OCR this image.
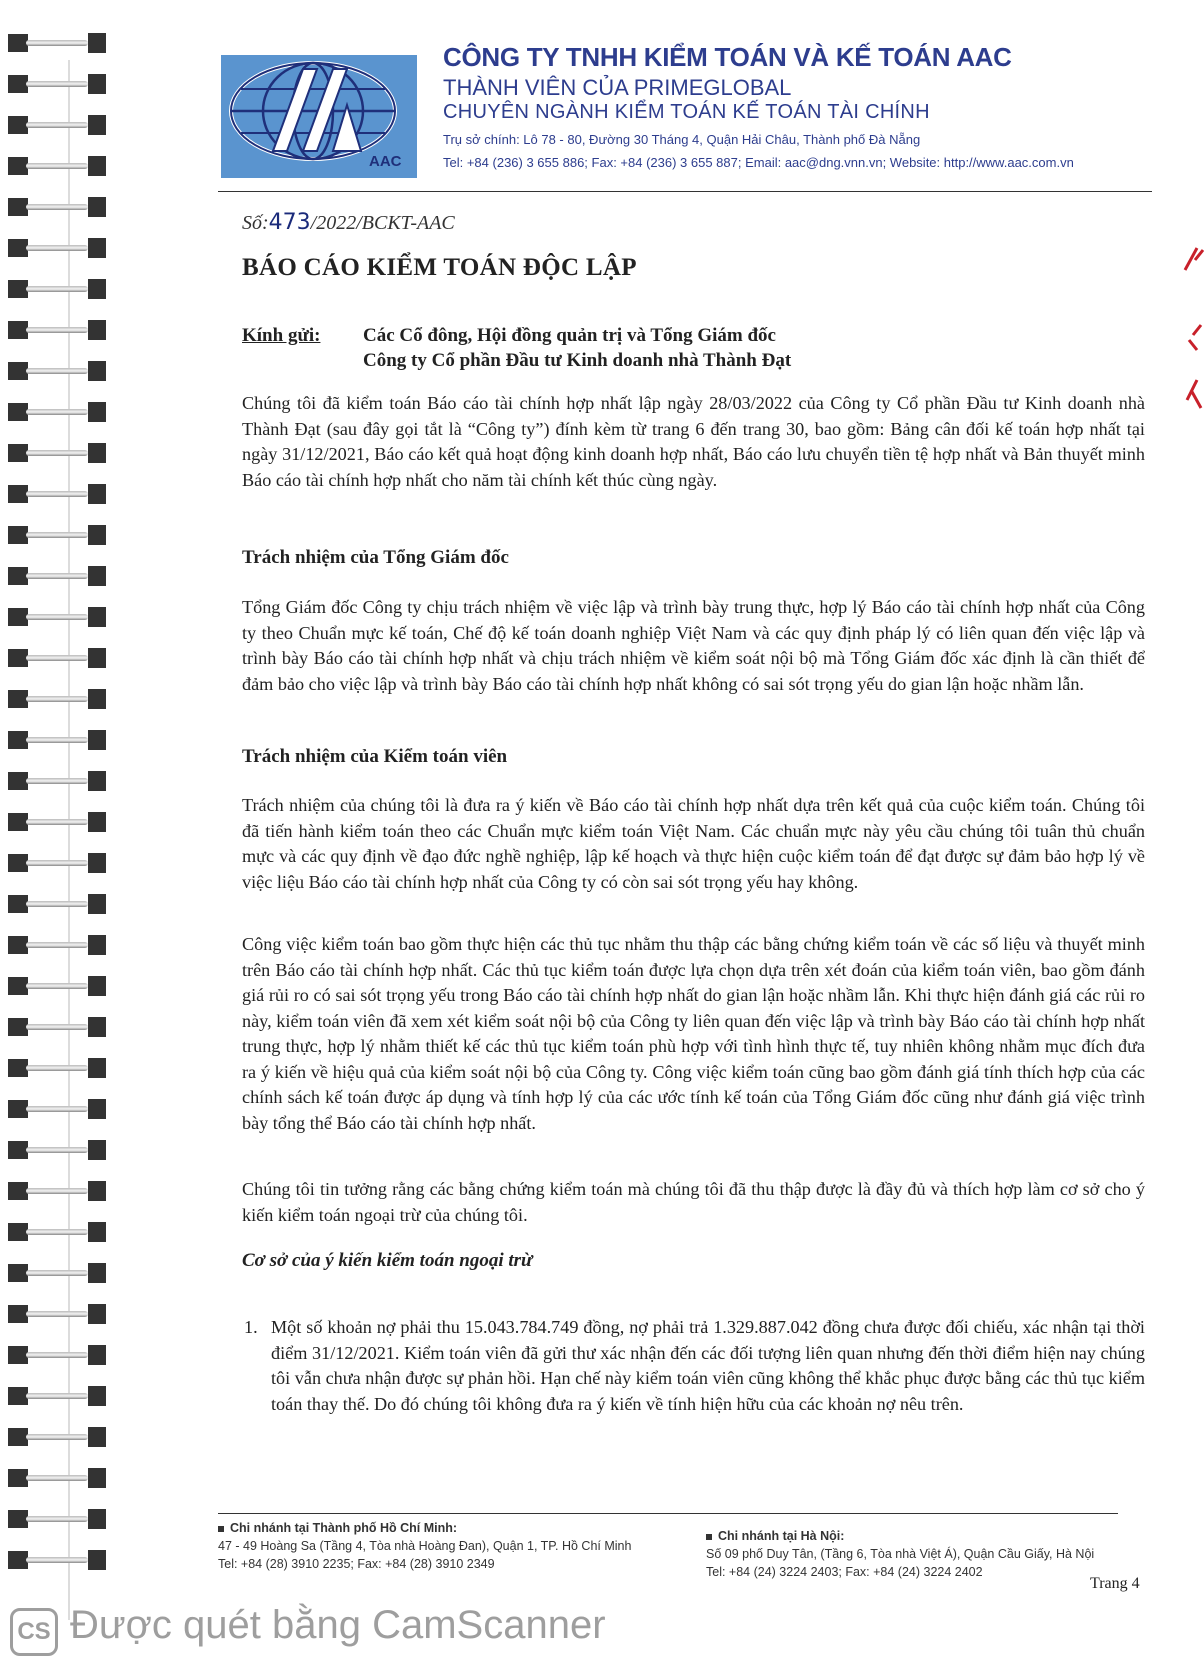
AAC
CÔNG TY TNHH KIỂM TOÁN VÀ KẾ TOÁN AAC
THÀNH VIÊN CỦA PRIMEGLOBAL
CHUYÊN NGÀNH KIỂM TOÁN KẾ TOÁN TÀI CHÍNH
Trụ sở chính: Lô 78 - 80, Đường 30 Tháng 4, Quận Hải Châu, Thành phố Đà Nẵng
Tel: +84 (236) 3 655 886; Fax: +84 (236) 3 655 887; Email: aac@dng.vnn.vn; Website: http://www.aac.com.vn
Số:473/2022/BCKT-AAC
BÁO CÁO KIỂM TOÁN ĐỘC LẬP
Kính gửi: Các Cổ đông, Hội đồng quản trị và Tổng Giám đốc
Công ty Cổ phần Đầu tư Kinh doanh nhà Thành Đạt

Chúng tôi đã kiểm toán Báo cáo tài chính hợp nhất lập ngày 28/03/2022 của Công ty Cổ phần Đầu tư Kinh doanh nhà Thành Đạt (sau đây gọi tắt là “Công ty”) đính kèm từ trang 6 đến trang 30, bao gồm: Bảng cân đối kế toán hợp nhất tại ngày 31/12/2021, Báo cáo kết quả hoạt động kinh doanh hợp nhất, Báo cáo lưu chuyển tiền tệ hợp nhất và Bản thuyết minh Báo cáo tài chính hợp nhất cho năm tài chính kết thúc cùng ngày.

Trách nhiệm của Tổng Giám đốc

Tổng Giám đốc Công ty chịu trách nhiệm về việc lập và trình bày trung thực, hợp lý Báo cáo tài chính hợp nhất của Công ty theo Chuẩn mực kế toán, Chế độ kế toán doanh nghiệp Việt Nam và các quy định pháp lý có liên quan đến việc lập và trình bày Báo cáo tài chính hợp nhất và chịu trách nhiệm về kiểm soát nội bộ mà Tổng Giám đốc xác định là cần thiết để đảm bảo cho việc lập và trình bày Báo cáo tài chính hợp nhất không có sai sót trọng yếu do gian lận hoặc nhầm lẫn.

Trách nhiệm của Kiểm toán viên

Trách nhiệm của chúng tôi là đưa ra ý kiến về Báo cáo tài chính hợp nhất dựa trên kết quả của cuộc kiểm toán. Chúng tôi đã tiến hành kiểm toán theo các Chuẩn mực kiểm toán Việt Nam. Các chuẩn mực này yêu cầu chúng tôi tuân thủ chuẩn mực và các quy định về đạo đức nghề nghiệp, lập kế hoạch và thực hiện cuộc kiểm toán để đạt được sự đảm bảo hợp lý về việc liệu Báo cáo tài chính hợp nhất của Công ty có còn sai sót trọng yếu hay không.

Công việc kiểm toán bao gồm thực hiện các thủ tục nhằm thu thập các bằng chứng kiểm toán về các số liệu và thuyết minh trên Báo cáo tài chính hợp nhất. Các thủ tục kiểm toán được lựa chọn dựa trên xét đoán của kiểm toán viên, bao gồm đánh giá rủi ro có sai sót trọng yếu trong Báo cáo tài chính hợp nhất do gian lận hoặc nhầm lẫn. Khi thực hiện đánh giá các rủi ro này, kiểm toán viên đã xem xét kiểm soát nội bộ của Công ty liên quan đến việc lập và trình bày Báo cáo tài chính hợp nhất trung thực, hợp lý nhằm thiết kế các thủ tục kiểm toán phù hợp với tình hình thực tế, tuy nhiên không nhằm mục đích đưa ra ý kiến về hiệu quả của kiểm soát nội bộ của Công ty. Công việc kiểm toán cũng bao gồm đánh giá tính thích hợp của các chính sách kế toán được áp dụng và tính hợp lý của các ước tính kế toán của Tổng Giám đốc cũng như đánh giá việc trình bày tổng thể Báo cáo tài chính hợp nhất.

Chúng tôi tin tưởng rằng các bằng chứng kiểm toán mà chúng tôi đã thu thập được là đầy đủ và thích hợp làm cơ sở cho ý kiến kiểm toán ngoại trừ của chúng tôi.

Cơ sở của ý kiến kiểm toán ngoại trừ
1. Một số khoản nợ phải thu 15.043.784.749 đồng, nợ phải trả 1.329.887.042 đồng chưa được đối chiếu, xác nhận tại thời điểm 31/12/2021. Kiểm toán viên đã gửi thư xác nhận đến các đối tượng liên quan nhưng đến thời điểm hiện nay chúng tôi vẫn chưa nhận được sự phản hồi. Hạn chế này kiểm toán viên cũng không thể khắc phục được bằng các thủ tục kiểm toán thay thế. Do đó chúng tôi không đưa ra ý kiến về tính hiện hữu của các khoản nợ nêu trên.

Chi nhánh tại Thành phố Hồ Chí Minh:
47 - 49 Hoàng Sa (Tầng 4, Tòa nhà Hoàng Đan), Quận 1, TP. Hồ Chí Minh
Tel: +84 (28) 3910 2235; Fax: +84 (28) 3910 2349
Chi nhánh tại Hà Nội:
Số 09 phố Duy Tân, (Tầng 6, Tòa nhà Việt Á), Quận Cầu Giấy, Hà Nội
Tel: +84 (24) 3224 2403; Fax: +84 (24) 3224 2402
Trang 4
CS Được quét bằng CamScanner
